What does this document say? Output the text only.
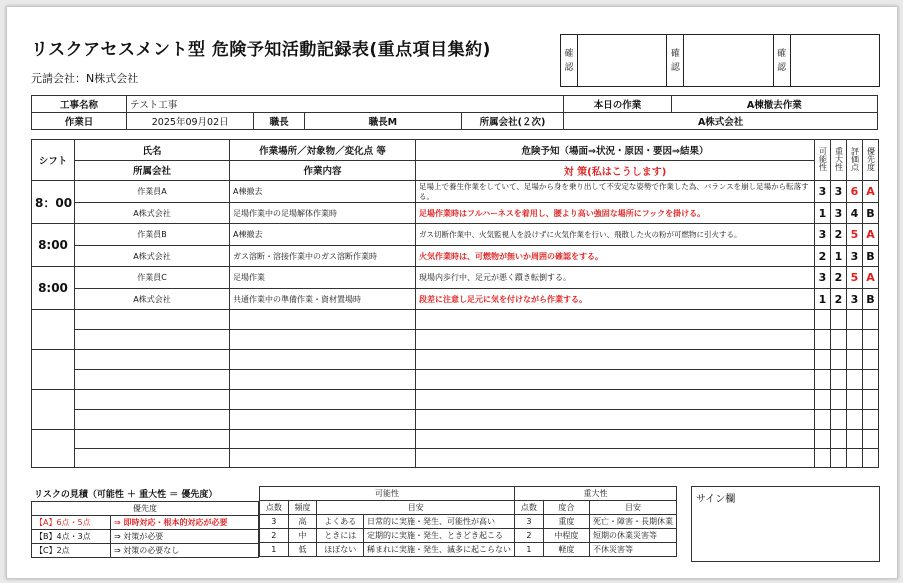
リスクアセスメント型 危険予知活動記録表(重点項目集約)
元請会社：N株式会社
確
認
確
認
確
認
工事名称	テスト工事				本日の作業	A棟撤去作業
作業日	2025年09月02日	職長	職長M	所属会社(２次)	A株式会社	
シフト	氏名	作業場所／対象物／変化点 等	危険予知（場面⇒状況・原因・要因⇒結果）	可能性	重大性	評価点	優先度
	所属会社	作業内容	対 策(私はこうします)				
8：00	作業員A	A棟撤去	足場上で養生作業をしていて、足場から身を乗り出して不安定な姿勢で作業した為、バランスを崩し足場から転落する。	3	3	6	A
	A株式会社	足場作業中の足場解体作業時	足場作業時はフルハーネスを着用し、腰より高い強固な場所にフックを掛ける。	1	3	4	B
8:00	作業員B	A棟撤去	ガス切断作業中、火気監視人を設けずに火気作業を行い、飛散した火の粉が可燃物に引火する。	3	2	5	A
	A株式会社	ガス溶断・溶接作業中のガス溶断作業時	火気作業時は、可燃物が無いか周囲の確認をする。	2	1	3	B
8:00	作業員C	足場作業	現場内歩行中、足元が悪く躓き転倒する。	3	2	5	A
	A株式会社	共通作業中の準備作業・資材置場時	段差に注意し足元に気を付けながら作業する。	1	2	3	B

リスクの見積（可能性 ＋ 重大性 ＝ 優先度）
優先度	
【A】6点・5点	⇒ 即時対応・根本的対応が必要
【B】4点・3点	⇒ 対策が必要
【C】2点	⇒ 対策の必要なし
可能性				重大性		
点数	頻度	目安		点数	度合	目安
3	高	よくある	日常的に実施・発生、可能性が高い	3	重度	死亡・障害・長期休業
2	中	ときには	定期的に実施・発生、ときどき起こる	2	中程度	短期の休業災害等
1	低	ほぼない	稀まれに実施・発生、滅多に起こらない	1	軽度	不休災害等
サイン欄
